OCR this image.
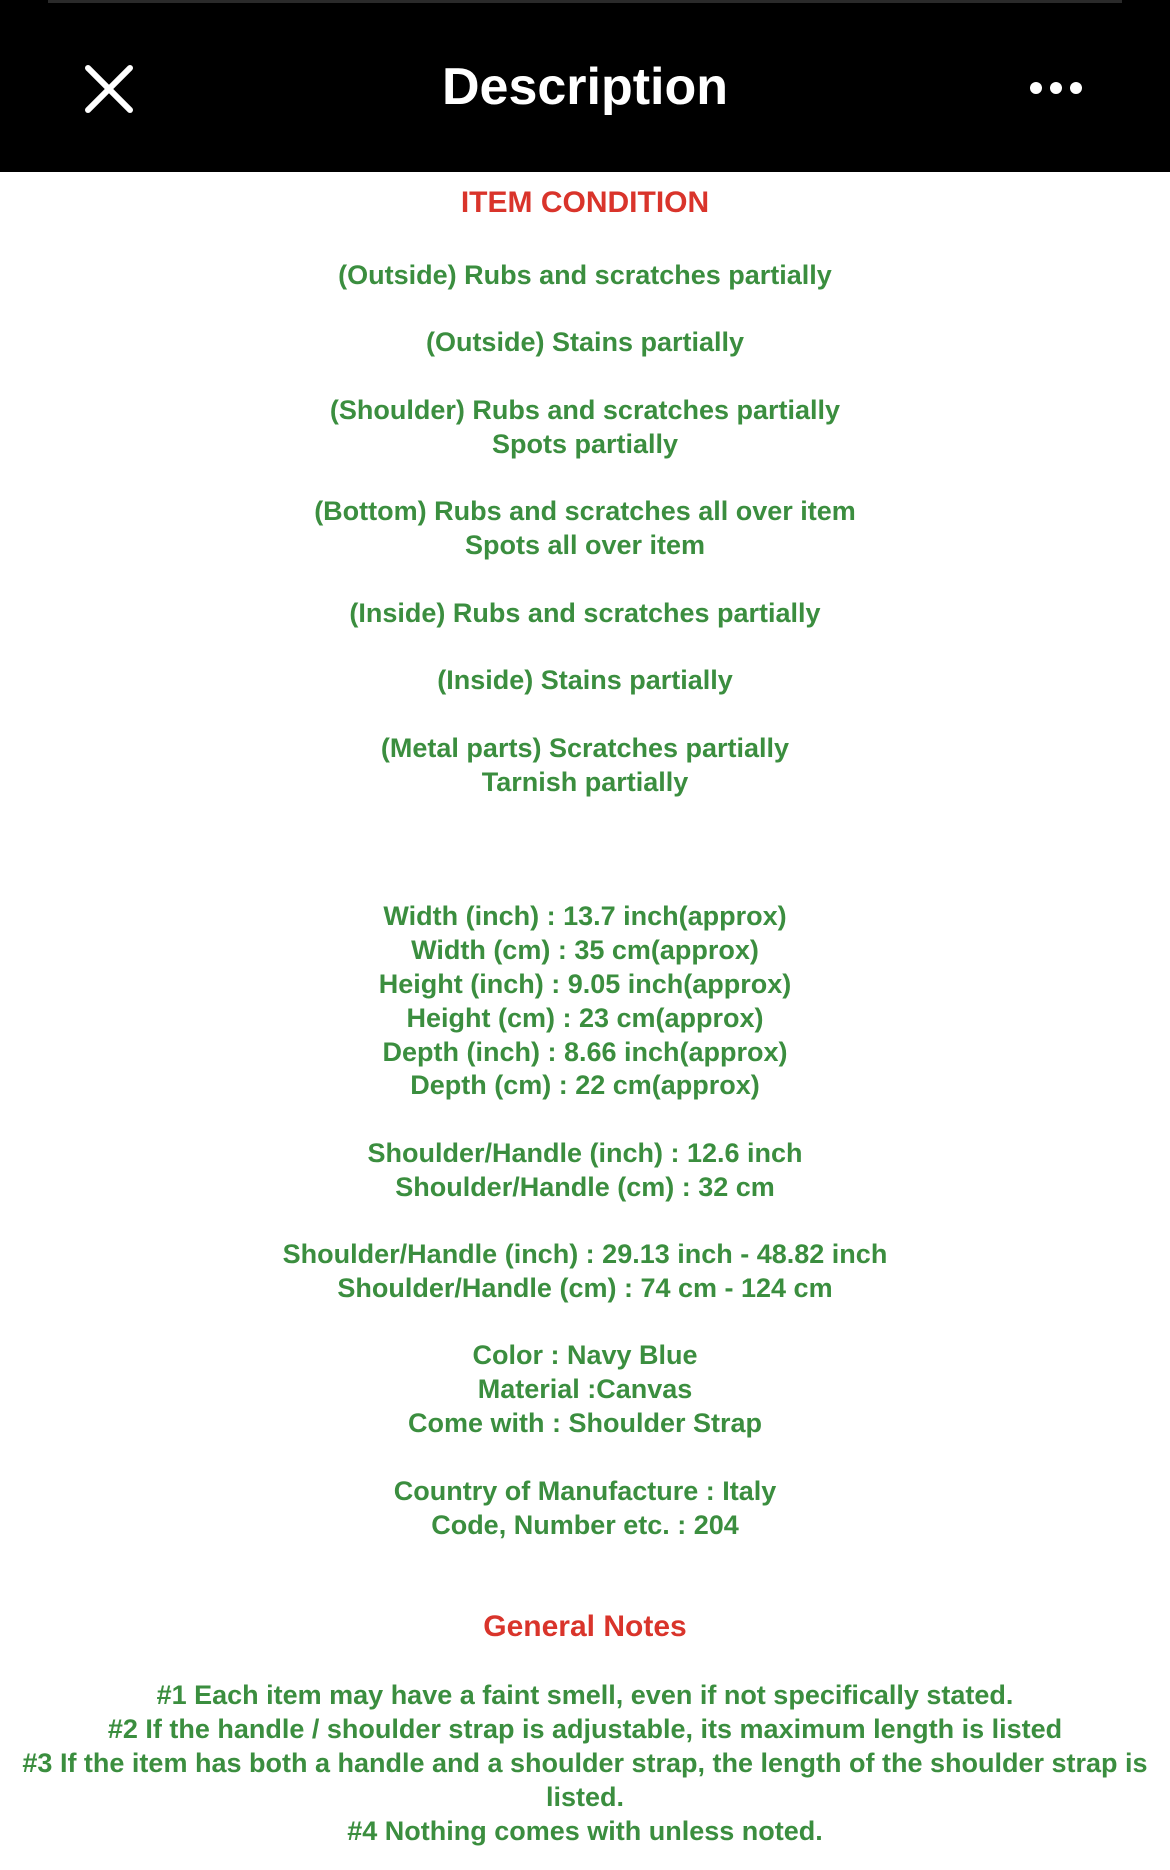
Description
ITEM CONDITION
(Outside) Rubs and scratches partially
(Outside) Stains partially
(Shoulder) Rubs and scratches partially
Spots partially
(Bottom) Rubs and scratches all over item
Spots all over item
(Inside) Rubs and scratches partially
(Inside) Stains partially
(Metal parts) Scratches partially
Tarnish partially
Width (inch) : 13.7 inch(approx)
Width (cm) : 35 cm(approx)
Height (inch) : 9.05 inch(approx)
Height (cm) : 23 cm(approx)
Depth (inch) : 8.66 inch(approx)
Depth (cm) : 22 cm(approx)
Shoulder/Handle (inch) : 12.6 inch
Shoulder/Handle (cm) : 32 cm
Shoulder/Handle (inch) : 29.13 inch - 48.82 inch
Shoulder/Handle (cm) : 74 cm - 124 cm
Color : Navy Blue
Material :Canvas
Come with : Shoulder Strap
Country of Manufacture : Italy
Code, Number etc. : 204
General Notes
#1 Each item may have a faint smell, even if not specifically stated.
#2 If the handle / shoulder strap is adjustable, its maximum length is listed
#3 If the item has both a handle and a shoulder strap, the length of the shoulder strap is listed.
#4 Nothing comes with unless noted.
